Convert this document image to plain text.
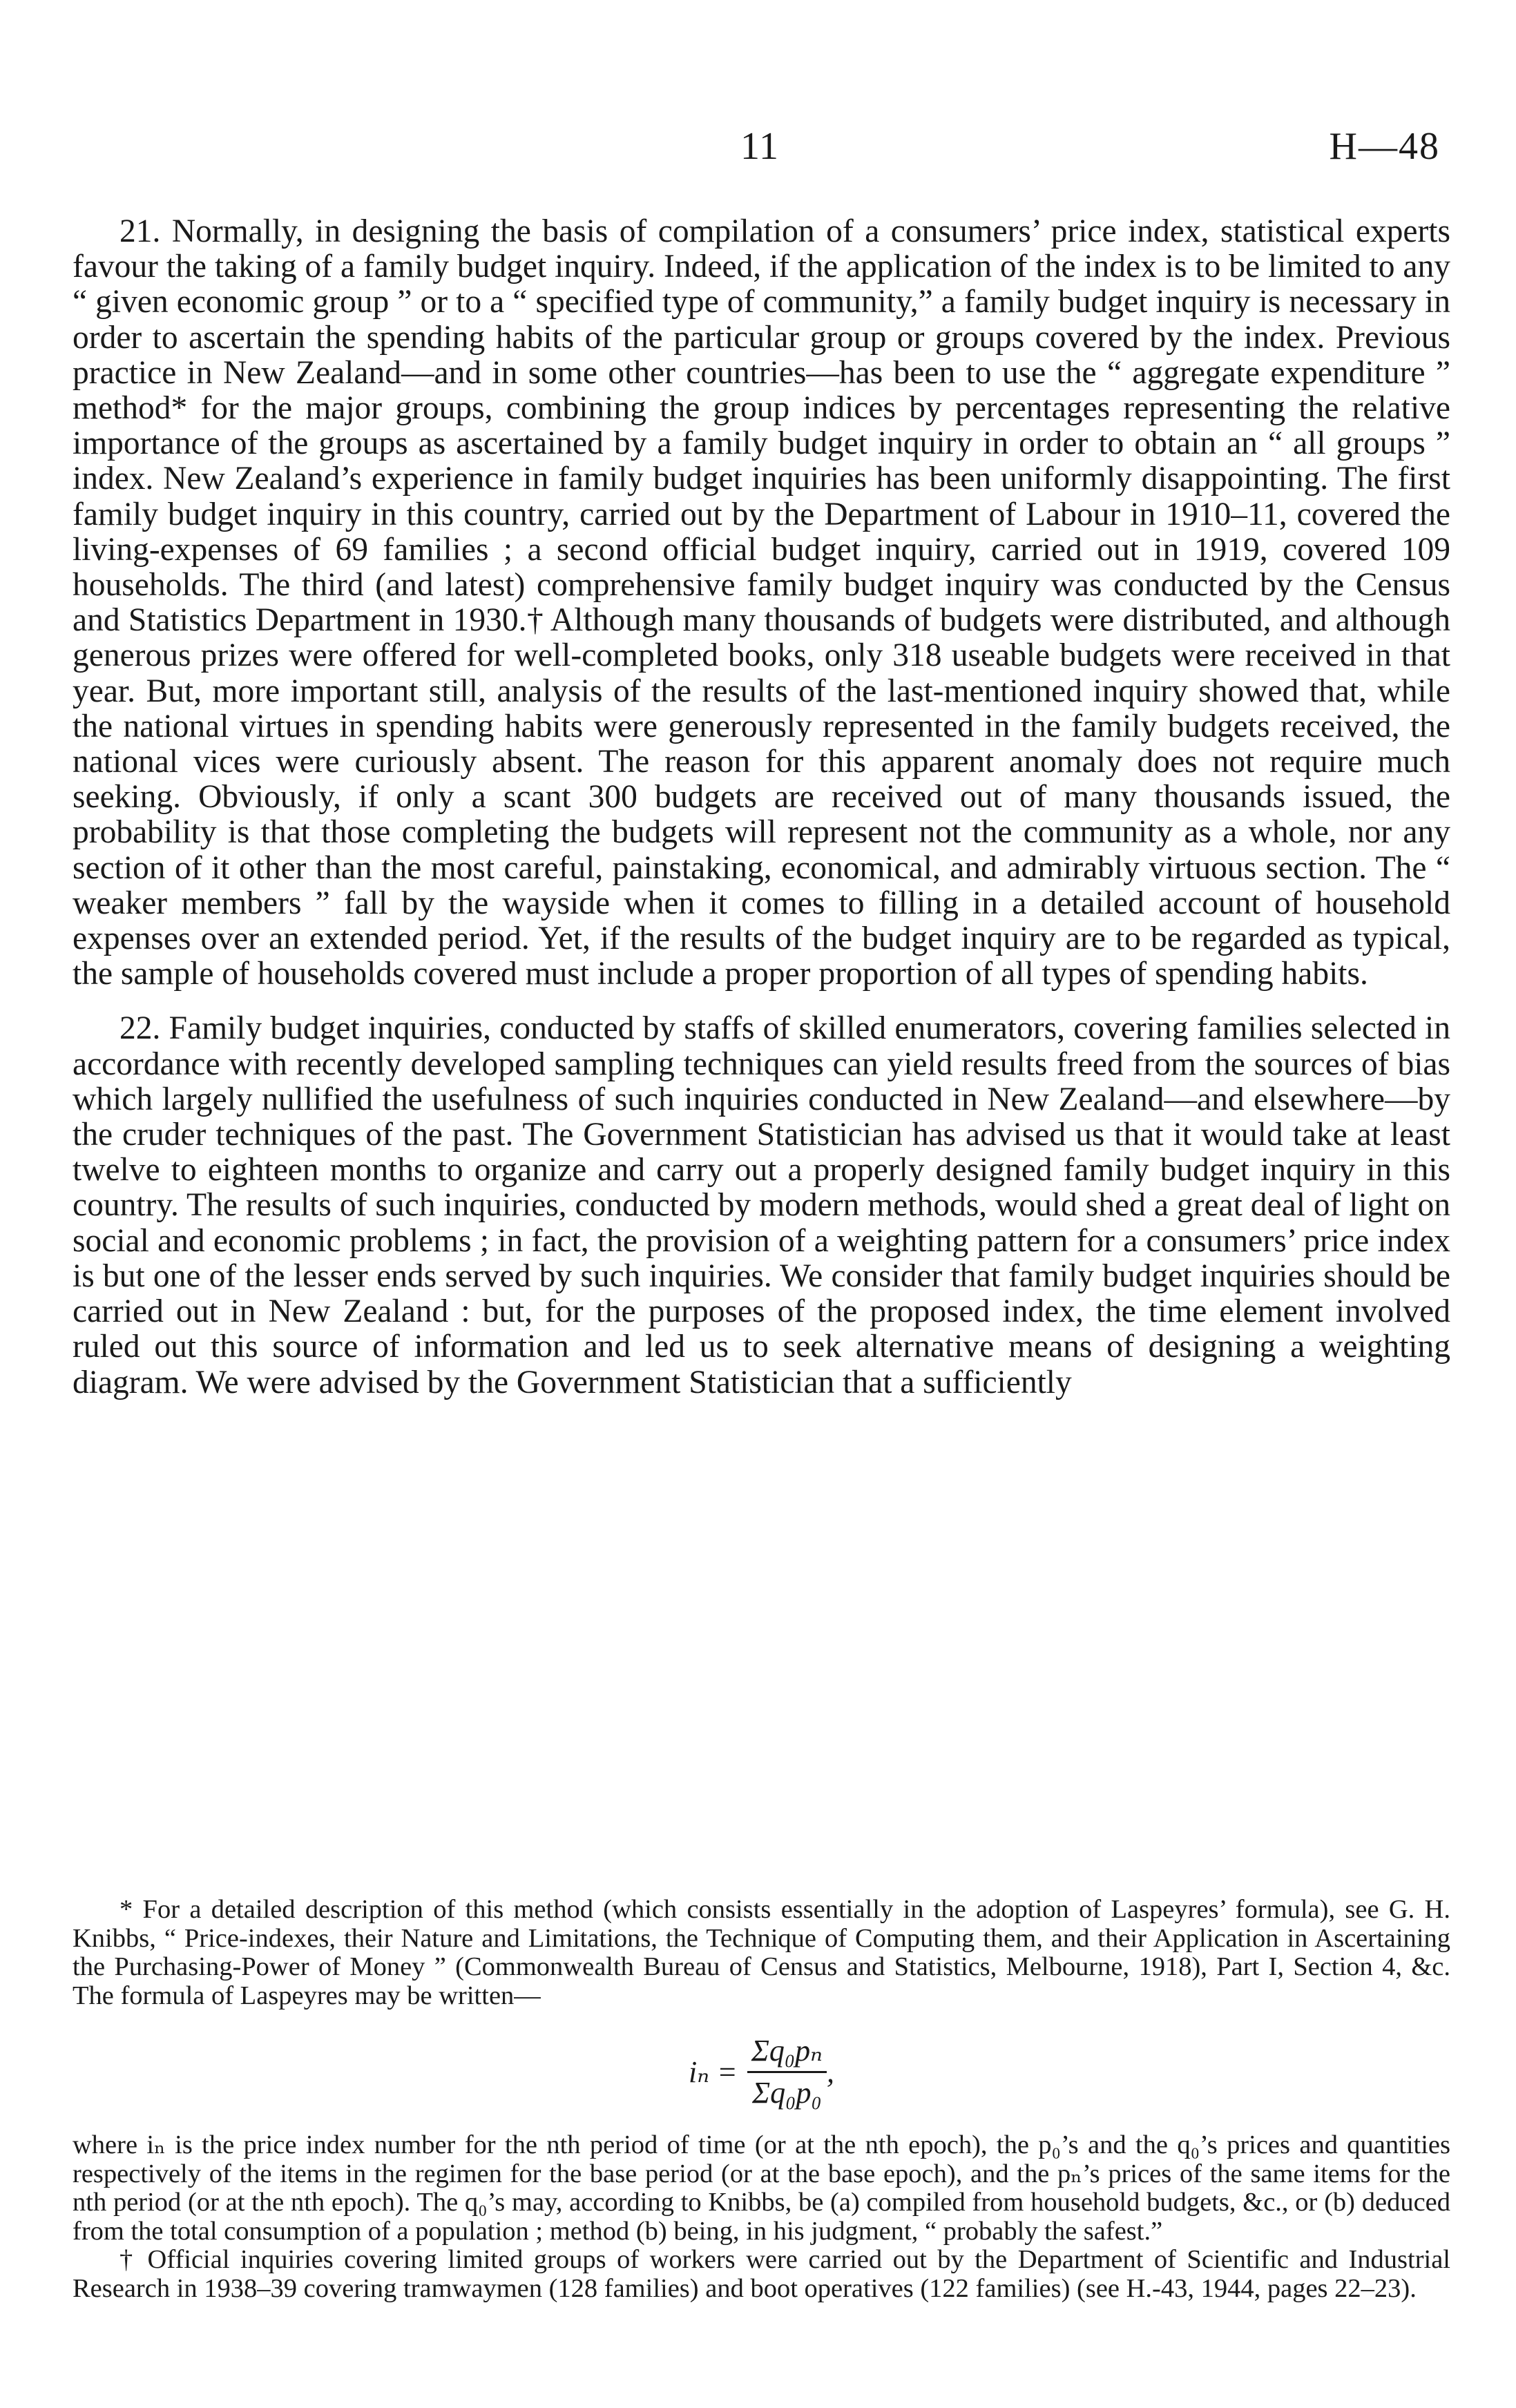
11	H—48

21. Normally, in designing the basis of compilation of a consumers’ price index, statistical experts favour the taking of a family budget inquiry. Indeed, if the application of the index is to be limited to any “ given economic group ” or to a “ specified type of community,” a family budget inquiry is necessary in order to ascertain the spending habits of the particular group or groups covered by the index. Previous practice in New Zealand—and in some other countries—has been to use the “ aggregate expenditure ” method* for the major groups, combining the group indices by percentages representing the relative importance of the groups as ascertained by a family budget inquiry in order to obtain an “ all groups ” index. New Zealand’s experience in family budget inquiries has been uniformly disappointing. The first family budget inquiry in this country, carried out by the Department of Labour in 1910–11, covered the living-expenses of 69 families ; a second official budget inquiry, carried out in 1919, covered 109 households. The third (and latest) comprehensive family budget inquiry was conducted by the Census and Statistics Department in 1930.† Although many thousands of budgets were distributed, and although generous prizes were offered for well-completed books, only 318 useable budgets were received in that year. But, more important still, analysis of the results of the last-mentioned inquiry showed that, while the national virtues in spending habits were generously represented in the family budgets received, the national vices were curiously absent. The reason for this apparent anomaly does not require much seeking. Obviously, if only a scant 300 budgets are received out of many thousands issued, the probability is that those completing the budgets will represent not the community as a whole, nor any section of it other than the most careful, painstaking, economical, and admirably virtuous section. The “ weaker members ” fall by the wayside when it comes to filling in a detailed account of household expenses over an extended period. Yet, if the results of the budget inquiry are to be regarded as typical, the sample of households covered must include a proper proportion of all types of spending habits.

22. Family budget inquiries, conducted by staffs of skilled enumerators, covering families selected in accordance with recently developed sampling techniques can yield results freed from the sources of bias which largely nullified the usefulness of such inquiries conducted in New Zealand—and elsewhere—by the cruder techniques of the past. The Government Statistician has advised us that it would take at least twelve to eighteen months to organize and carry out a properly designed family budget inquiry in this country. The results of such inquiries, conducted by modern methods, would shed a great deal of light on social and economic problems ; in fact, the provision of a weighting pattern for a consumers’ price index is but one of the lesser ends served by such inquiries. We consider that family budget inquiries should be carried out in New Zealand : but, for the purposes of the proposed index, the time element involved ruled out this source of information and led us to seek alternative means of designing a weighting diagram. We were advised by the Government Statistician that a sufficiently

* For a detailed description of this method (which consists essentially in the adoption of Laspeyres’ formula), see G. H. Knibbs, “ Price-indexes, their Nature and Limitations, the Technique of Computing them, and their Application in Ascertaining the Purchasing-Power of Money ” (Commonwealth Bureau of Census and Statistics, Melbourne, 1918), Part I, Section 4, &c. The formula of Laspeyres may be written—

$i_n = \frac{\text{Σq₀pₙ}}{\text{Σq₀p₀}}$ ,

where iₙ is the price index number for the nth period of time (or at the nth epoch), the p₀’s and the q₀’s prices and quantities respectively of the items in the regimen for the base period (or at the base epoch), and the pₙ’s prices of the same items for the nth period (or at the nth epoch). The q₀’s may, according to Knibbs, be (a) compiled from household budgets, &c., or (b) deduced from the total consumption of a population ; method (b) being, in his judgment, “ probably the safest.”

† Official inquiries covering limited groups of workers were carried out by the Department of Scientific and Industrial Research in 1938–39 covering tramwaymen (128 families) and boot operatives (122 families) (see H.-43, 1944, pages 22–23).
